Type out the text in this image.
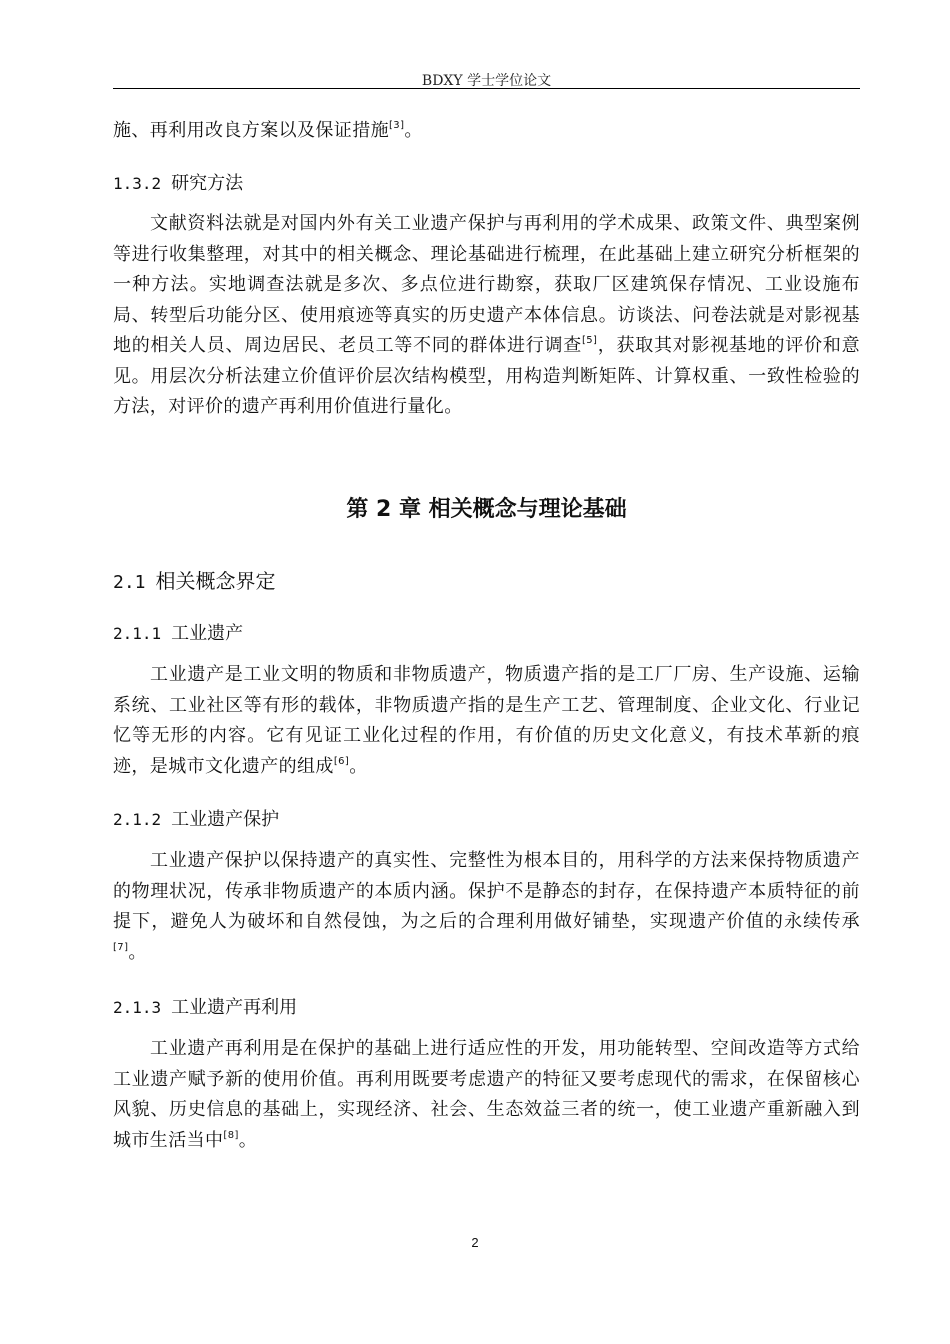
BDXY 学士学位论文
施、再利用改良方案以及保证措施[3]。
1.3.2 研究方法
文献资料法就是对国内外有关工业遗产保护与再利用的学术成果、政策文件、典型案例等进行收集整理，对其中的相关概念、理论基础进行梳理，在此基础上建立研究分析框架的一种方法。实地调查法就是多次、多点位进行勘察，获取厂区建筑保存情况、工业设施布局、转型后功能分区、使用痕迹等真实的历史遗产本体信息。访谈法、问卷法就是对影视基地的相关人员、周边居民、老员工等不同的群体进行调查[5]，获取其对影视基地的评价和意见。用层次分析法建立价值评价层次结构模型，用构造判断矩阵、计算权重、一致性检验的方法，对评价的遗产再利用价值进行量化。
第 2 章 相关概念与理论基础
2.1 相关概念界定
2.1.1 工业遗产
工业遗产是工业文明的物质和非物质遗产，物质遗产指的是工厂厂房、生产设施、运输系统、工业社区等有形的载体，非物质遗产指的是生产工艺、管理制度、企业文化、行业记忆等无形的内容。它有见证工业化过程的作用，有价值的历史文化意义，有技术革新的痕迹，是城市文化遗产的组成[6]。
2.1.2 工业遗产保护
工业遗产保护以保持遗产的真实性、完整性为根本目的，用科学的方法来保持物质遗产的物理状况，传承非物质遗产的本质内涵。保护不是静态的封存，在保持遗产本质特征的前提下，避免人为破坏和自然侵蚀，为之后的合理利用做好铺垫，实现遗产价值的永续传承[7]。
2.1.3 工业遗产再利用
工业遗产再利用是在保护的基础上进行适应性的开发，用功能转型、空间改造等方式给工业遗产赋予新的使用价值。再利用既要考虑遗产的特征又要考虑现代的需求，在保留核心风貌、历史信息的基础上，实现经济、社会、生态效益三者的统一，使工业遗产重新融入到城市生活当中[8]。
2
